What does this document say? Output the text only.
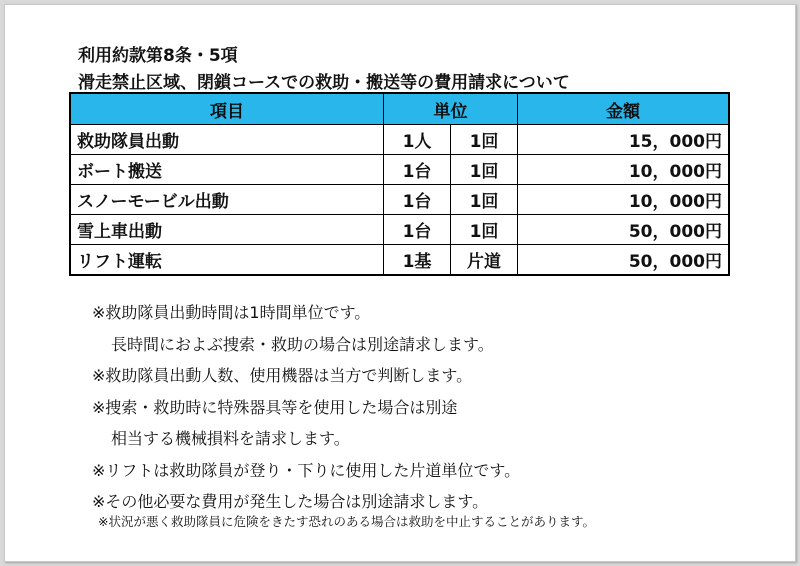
利用約款第8条・5項
滑走禁止区域、閉鎖コースでの救助・搬送等の費用請求について
項目	単位		金額
救助隊員出動	1人	1回	15，000円
ボート搬送	1台	1回	10，000円
スノーモービル出動	1台	1回	10，000円
雪上車出動	1台	1回	50，000円
リフト運転	1基	片道	50，000円
※救助隊員出動時間は1時間単位です。
長時間におよぶ捜索・救助の場合は別途請求します。
※救助隊員出動人数、使用機器は当方で判断します。
※捜索・救助時に特殊器具等を使用した場合は別途
相当する機械損料を請求します。
※リフトは救助隊員が登り・下りに使用した片道単位です。
※その他必要な費用が発生した場合は別途請求します。
※状況が悪く救助隊員に危険をきたす恐れのある場合は救助を中止することがあります。
